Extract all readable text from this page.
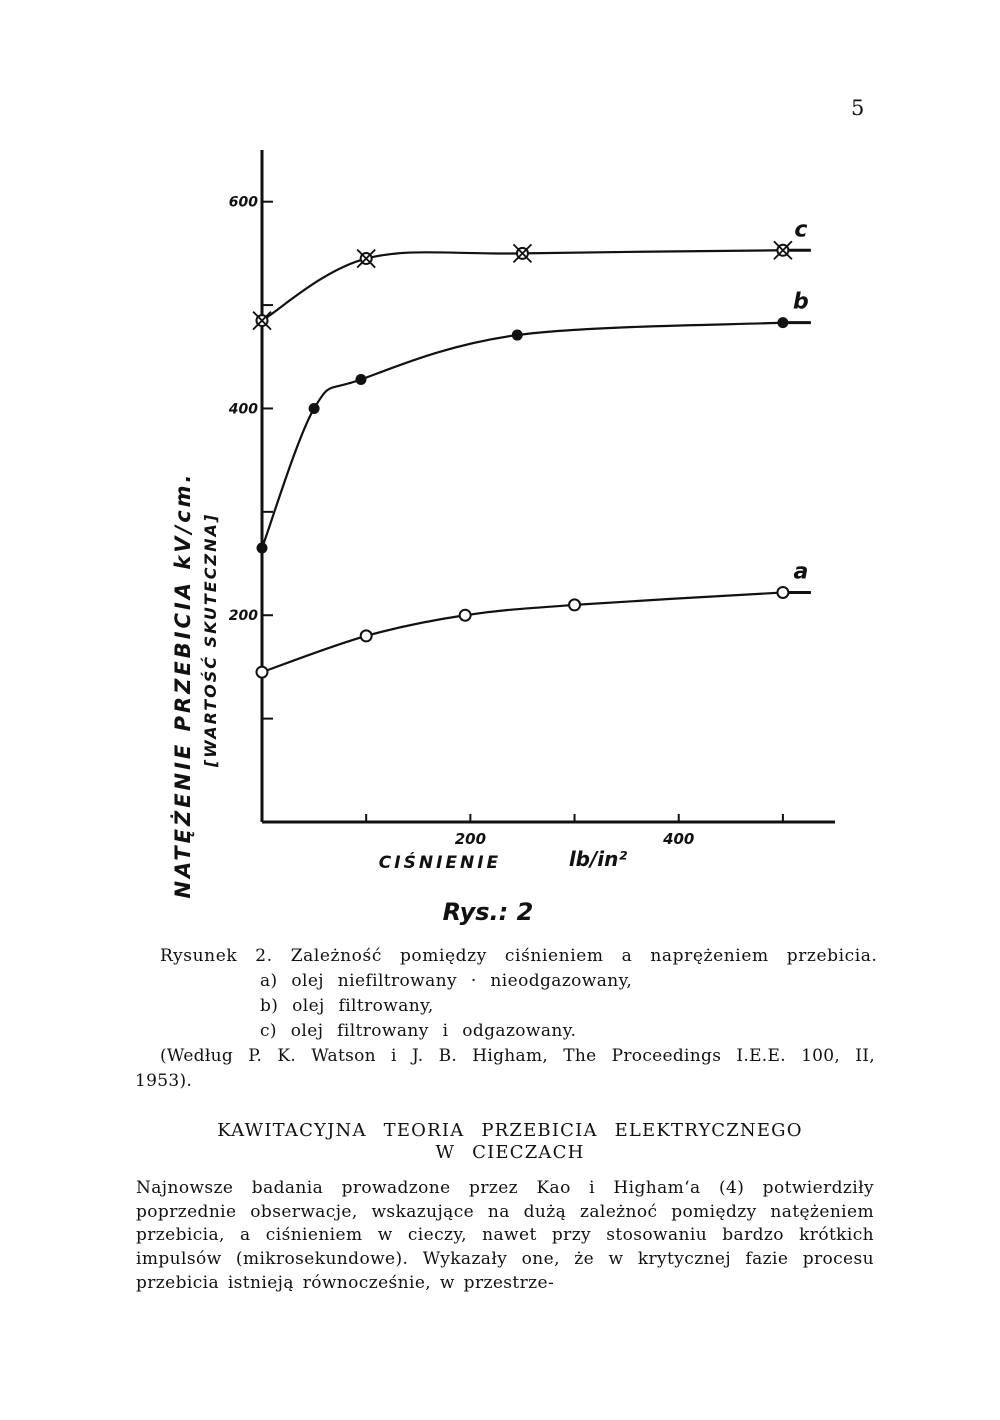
5
200	400
200
400
600
c
b
a
NATĘŻENIE PRZEBICIA kV/cm. [WARTOŚĆ SKUTECZNA]
CIŚNIENIE	lb/in²
Rys.: 2
Rysunek 2. Zależność pomiędzy ciśnieniem a naprężeniem przebicia.
a) olej niefiltrowany · nieodgazowany,
b) olej filtrowany,
c) olej filtrowany i odgazowany.
(Według P. K. Watson i J. B. Higham, The Proceedings I.E.E. 100, II, 1953).
KAWITACYJNA TEORIA PRZEBICIA ELEKTRYCZNEGO
W CIECZACH
Najnowsze badania prowadzone przez Kao i Higham‘a (4) potwierdziły poprzednie obserwacje, wskazujące na dużą zależnoć pomiędzy natężeniem przebicia, a ciśnieniem w cieczy, nawet przy stosowaniu bardzo krótkich impulsów (mikrosekundowe). Wykazały one, że w krytycznej fazie procesu przebicia istnieją równocześnie, w przestrze-
